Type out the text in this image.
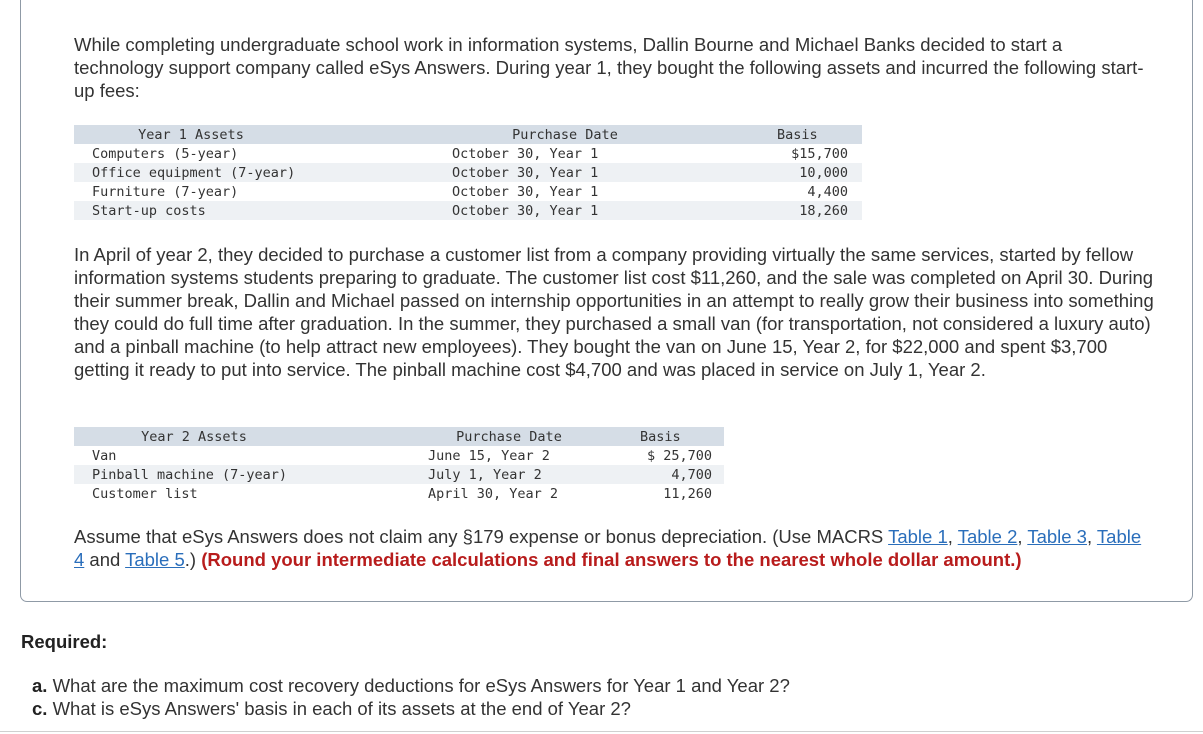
While completing undergraduate school work in information systems, Dallin Bourne and Michael Banks decided to start a technology support company called eSys Answers. During year 1, they bought the following assets and incurred the following start-up fees:

Year 1 Assets	Purchase Date	Basis
Computers (5-year)	October 30, Year 1	$15,700
Office equipment (7-year)	October 30, Year 1	10,000
Furniture (7-year)	October 30, Year 1	4,400
Start-up costs	October 30, Year 1	18,260

In April of year 2, they decided to purchase a customer list from a company providing virtually the same services, started by fellow information systems students preparing to graduate. The customer list cost $11,260, and the sale was completed on April 30. During their summer break, Dallin and Michael passed on internship opportunities in an attempt to really grow their business into something they could do full time after graduation. In the summer, they purchased a small van (for transportation, not considered a luxury auto) and a pinball machine (to help attract new employees). They bought the van on June 15, Year 2, for $22,000 and spent $3,700 getting it ready to put into service. The pinball machine cost $4,700 and was placed in service on July 1, Year 2.

Year 2 Assets	Purchase Date	Basis
Van	June 15, Year 2	$ 25,700
Pinball machine (7-year)	July 1, Year 2	4,700
Customer list	April 30, Year 2	11,260

Assume that eSys Answers does not claim any §179 expense or bonus depreciation. (Use MACRS Table 1, Table 2, Table 3, Table 4 and Table 5.) (Round your intermediate calculations and final answers to the nearest whole dollar amount.)

Required:
a. What are the maximum cost recovery deductions for eSys Answers for Year 1 and Year 2?
c. What is eSys Answers' basis in each of its assets at the end of Year 2?
